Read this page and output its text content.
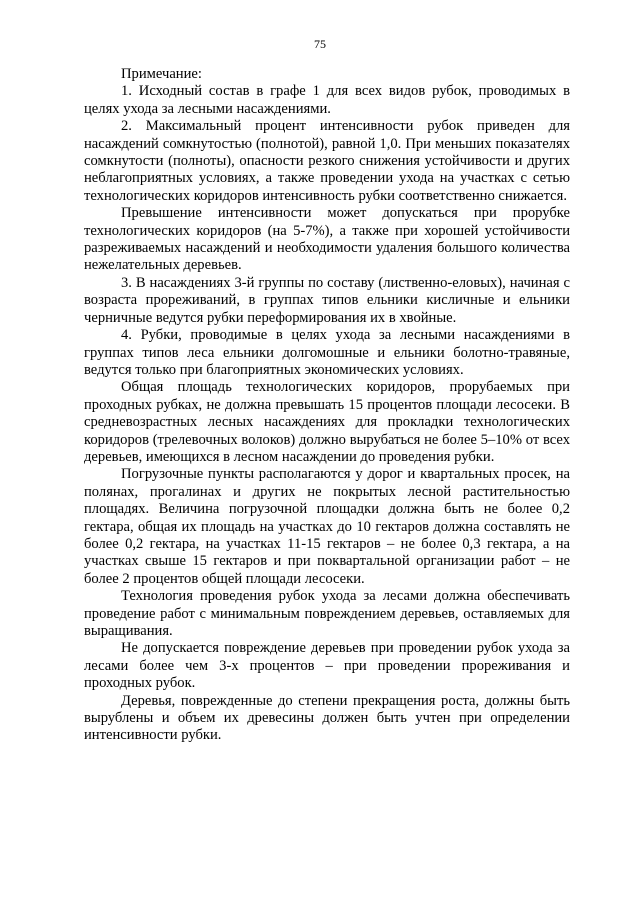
75

Примечание:

1. Исходный состав в графе 1 для всех видов рубок, проводимых в целях ухода за лесными насаждениями.

2. Максимальный процент интенсивности рубок приведен для насаждений сомкнутостью (полнотой), равной 1,0. При меньших показателях сомкнутости (полноты), опасности резкого снижения устойчивости и других неблагоприятных условиях, а также проведении ухода на участках с сетью технологических коридоров интенсивность рубки соответственно снижается.

Превышение интенсивности может допускаться при прорубке технологических коридоров (на 5-7%), а также при хорошей устойчивости разреживаемых насаждений и необходимости удаления большого количества нежелательных деревьев.

3. В насаждениях 3-й группы по составу (лиственно-еловых), начиная с возраста прореживаний, в группах типов ельники кисличные и ельники черничные ведутся рубки переформирования их в хвойные.

4. Рубки, проводимые в целях ухода за лесными насаждениями в группах типов леса ельники долгомошные и ельники болотно-травяные, ведутся только при благоприятных экономических условиях.

Общая площадь технологических коридоров, прорубаемых при проходных рубках, не должна превышать 15 процентов площади лесосеки. В средневозрастных лесных насаждениях для прокладки технологических коридоров (трелевочных волоков) должно вырубаться не более 5–10% от всех деревьев, имеющихся в лесном насаждении до проведения рубки.

Погрузочные пункты располагаются у дорог и квартальных просек, на полянах, прогалинах и других не покрытых лесной растительностью площадях. Величина погрузочной площадки должна быть не более 0,2 гектара, общая их площадь на участках до 10 гектаров должна составлять не более 0,2 гектара, на участках 11-15 гектаров – не более 0,3 гектара, а на участках свыше 15 гектаров и при поквартальной организации работ – не более 2 процентов общей площади лесосеки.

Технология проведения рубок ухода за лесами должна обеспечивать проведение работ с минимальным повреждением деревьев, оставляемых для выращивания.

Не допускается повреждение деревьев при проведении рубок ухода за лесами более чем 3-х процентов – при проведении прореживания и проходных рубок.

Деревья, поврежденные до степени прекращения роста, должны быть вырублены и объем их древесины должен быть учтен при определении интенсивности рубки.
